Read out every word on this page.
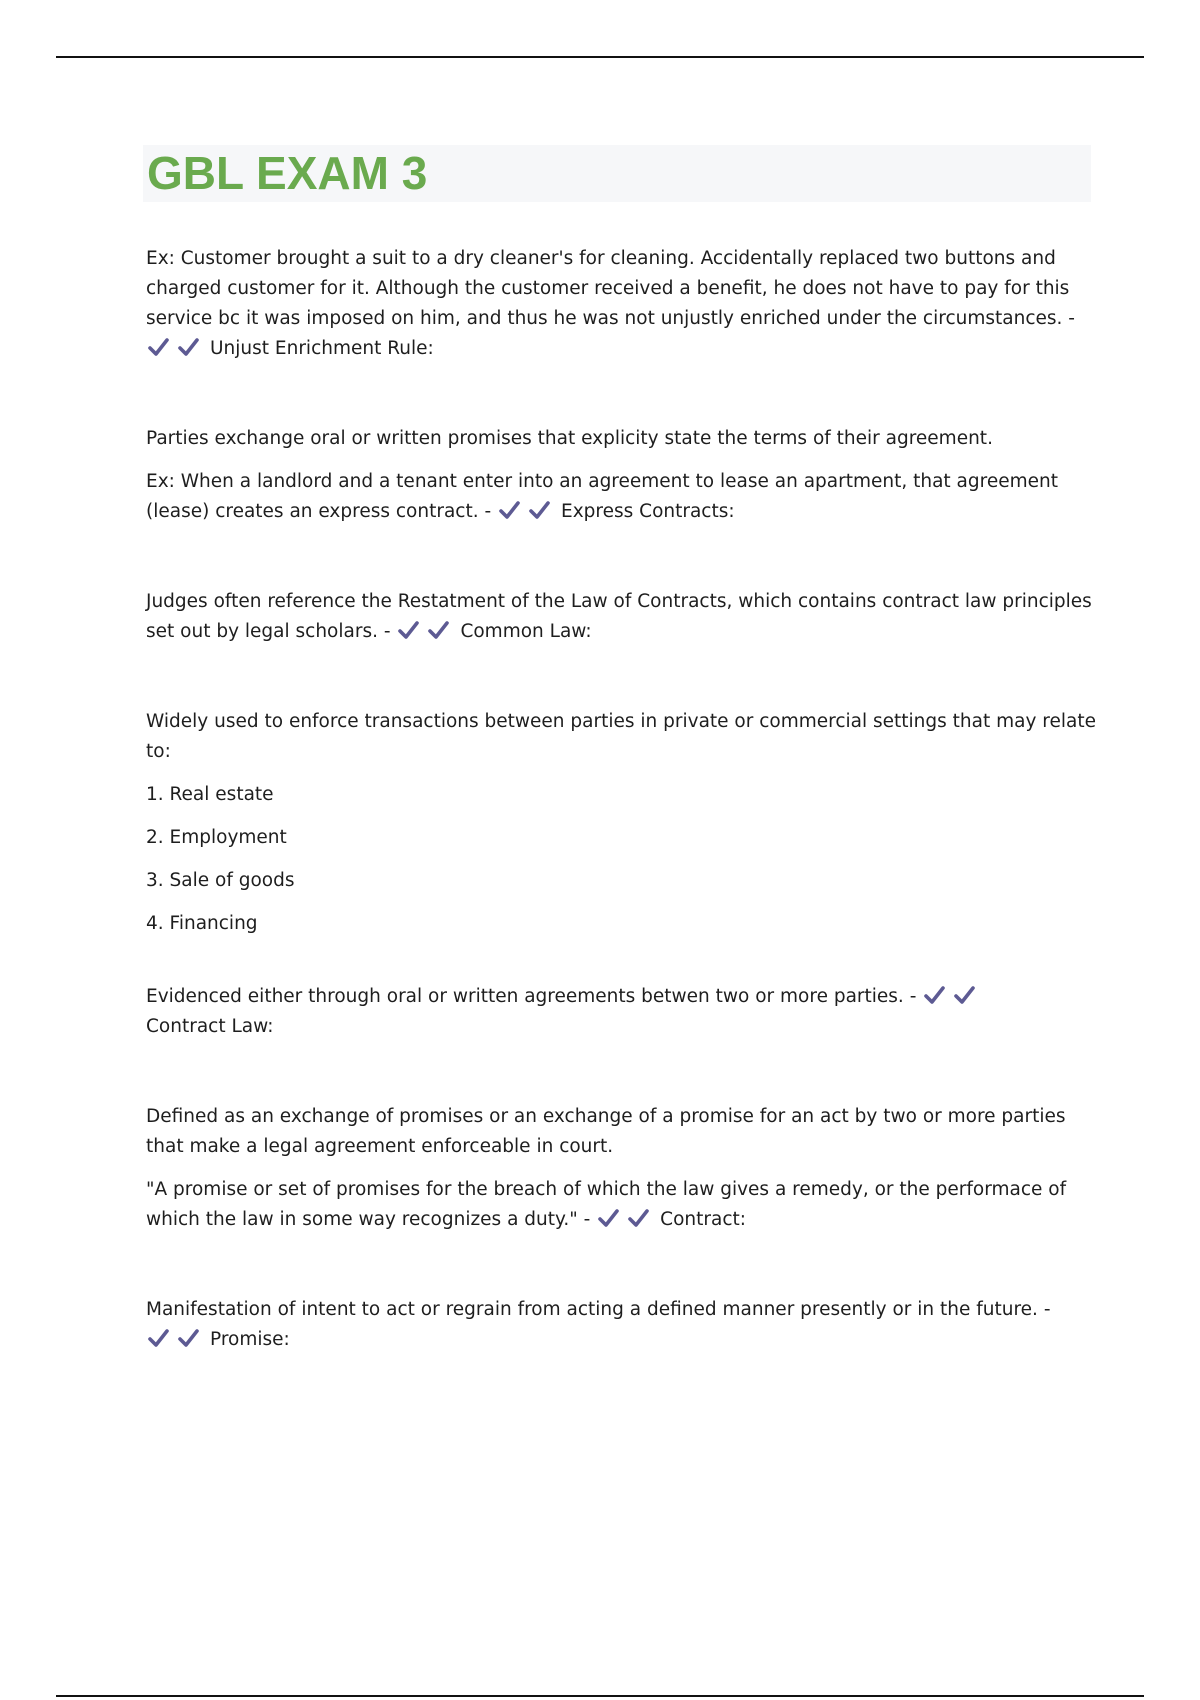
GBL EXAM 3

Ex: Customer brought a suit to a dry cleaner's for cleaning. Accidentally replaced two buttons and charged customer for it. Although the customer received a benefit, he does not have to pay for this service bc it was imposed on him, and thus he was not unjustly enriched under the circumstances. - Unjust Enrichment Rule:

Parties exchange oral or written promises that explicity state the terms of their agreement.

Ex: When a landlord and a tenant enter into an agreement to lease an apartment, that agreement (lease) creates an express contract. -	Express Contracts:

Judges often reference the Restatment of the Law of Contracts, which contains contract law principles set out by legal scholars. -	Common Law:

Widely used to enforce transactions between parties in private or commercial settings that may relate to:

1. Real estate

2. Employment

3. Sale of goods

4. Financing

Evidenced either through oral or written agreements betwen two or more parties. - Contract Law:

Defined as an exchange of promises or an exchange of a promise for an act by two or more parties that make a legal agreement enforceable in court.

"A promise or set of promises for the breach of which the law gives a remedy, or the performace of which the law in some way recognizes a duty." -	Contract:

Manifestation of intent to act or regrain from acting a defined manner presently or in the future. - Promise:
